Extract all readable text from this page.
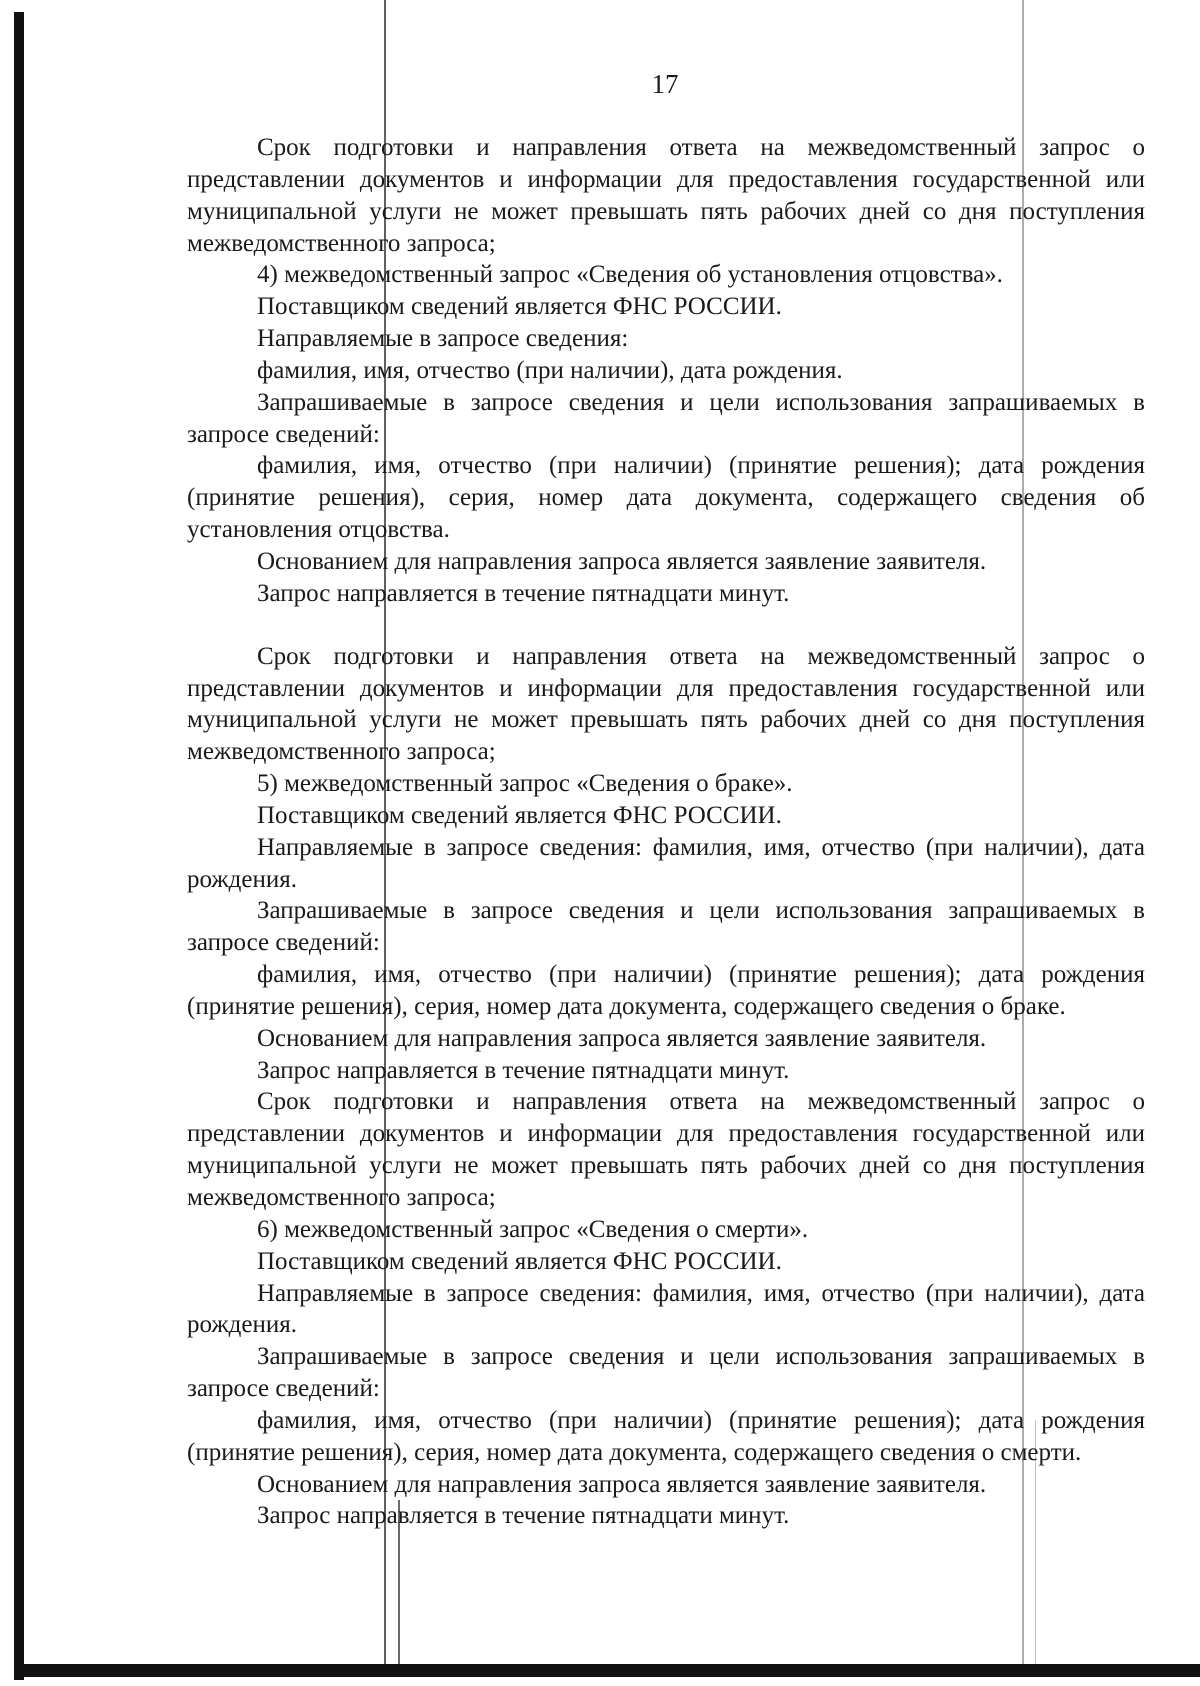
17

Срок подготовки и направления ответа на межведомственный запрос о представлении документов и информации для предоставления государственной или муниципальной услуги не может превышать пять рабочих дней со дня поступления межведомственного запроса;

4) межведомственный запрос «Сведения об установления отцовства».

Поставщиком сведений является ФНС РОССИИ.

Направляемые в запросе сведения:

фамилия, имя, отчество (при наличии), дата рождения.

Запрашиваемые в запросе сведения и цели использования запрашиваемых в запросе сведений:

фамилия, имя, отчество (при наличии) (принятие решения); дата рождения (принятие решения), серия, номер дата документа, содержащего сведения об установления отцовства.

Основанием для направления запроса является заявление заявителя.

Запрос направляется в течение пятнадцати минут.

Срок подготовки и направления ответа на межведомственный запрос о представлении документов и информации для предоставления государственной или муниципальной услуги не может превышать пять рабочих дней со дня поступления межведомственного запроса;

5) межведомственный запрос «Сведения о браке».

Поставщиком сведений является ФНС РОССИИ.

Направляемые в запросе сведения: фамилия, имя, отчество (при наличии), дата рождения.

Запрашиваемые в запросе сведения и цели использования запрашиваемых в запросе сведений:

фамилия, имя, отчество (при наличии) (принятие решения); дата рождения (принятие решения), серия, номер дата документа, содержащего сведения о браке.

Основанием для направления запроса является заявление заявителя.

Запрос направляется в течение пятнадцати минут.

Срок подготовки и направления ответа на межведомственный запрос о представлении документов и информации для предоставления государственной или муниципальной услуги не может превышать пять рабочих дней со дня поступления межведомственного запроса;

6) межведомственный запрос «Сведения о смерти».

Поставщиком сведений является ФНС РОССИИ.

Направляемые в запросе сведения: фамилия, имя, отчество (при наличии), дата рождения.

Запрашиваемые в запросе сведения и цели использования запрашиваемых в запросе сведений:

фамилия, имя, отчество (при наличии) (принятие решения); дата рождения (принятие решения), серия, номер дата документа, содержащего сведения о смерти.

Основанием для направления запроса является заявление заявителя.

Запрос направляется в течение пятнадцати минут.
